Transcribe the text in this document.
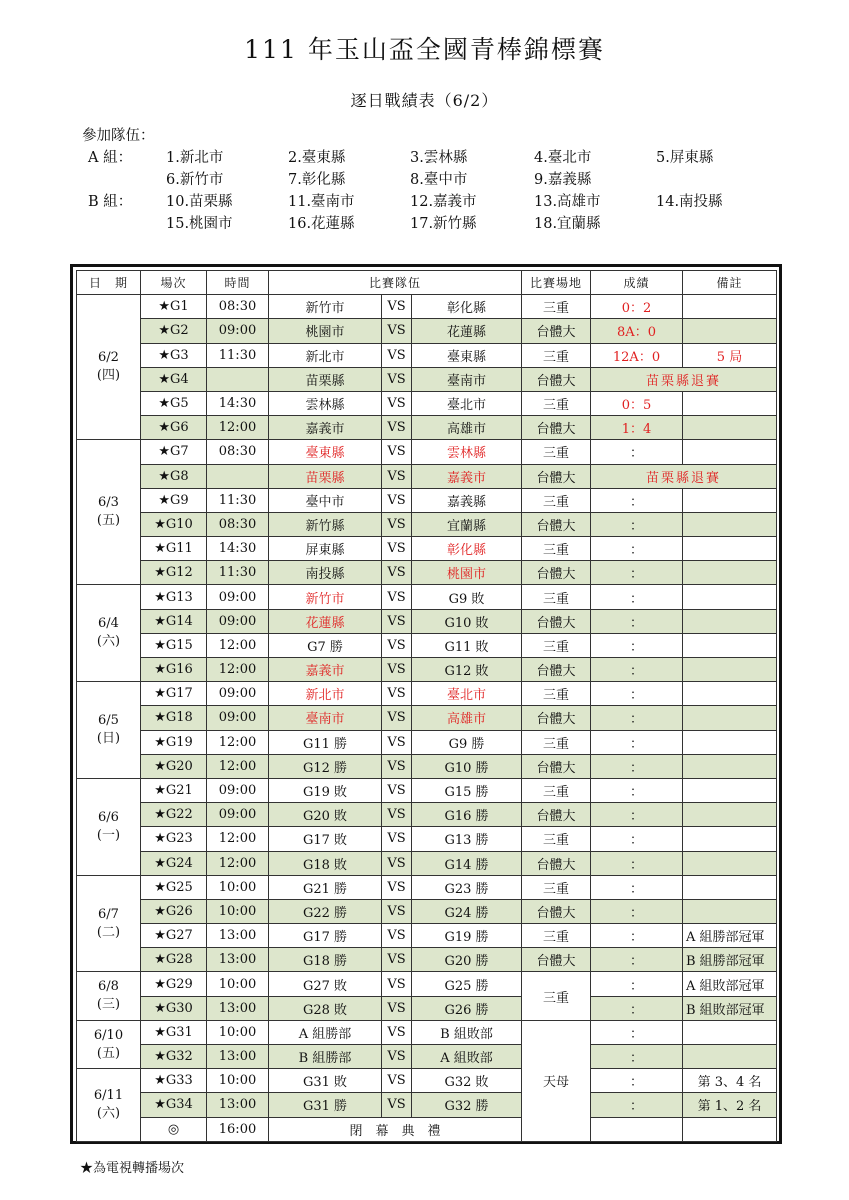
111 年玉山盃全國青棒錦標賽
逐日戰績表（6/2）
參加隊伍：
A 組： 1.新北市	2.臺東縣	3.雲林縣	4.臺北市	5.屏東縣
6.新竹市	7.彰化縣	8.臺中市	9.嘉義縣
B 組： 10.苗栗縣	11.臺南市	12.嘉義市	13.高雄市	14.南投縣
15.桃園市	16.花蓮縣	17.新竹縣	18.宜蘭縣
日　期	場次	時間	比賽隊伍			比賽場地	成績	備註

6/2
(四)	★G1	08:30	新竹市	VS	彰化縣	三重	0：2	
	★G2	09:00	桃園市	VS	花蓮縣	台體大	8A：0	
	★G3	11:30	新北市	VS	臺東縣	三重	12A：0	5 局
	★G4		苗栗縣	VS	臺南市	台體大	苗栗縣退賽	
	★G5	14:30	雲林縣	VS	臺北市	三重	0：5	
	★G6	12:00	嘉義市	VS	高雄市	台體大	1：4	

6/3
(五)	★G7	08:30	臺東縣	VS	雲林縣	三重	：	
	★G8		苗栗縣	VS	嘉義市	台體大	苗栗縣退賽	
	★G9	11:30	臺中市	VS	嘉義縣	三重	：	
	★G10	08:30	新竹縣	VS	宜蘭縣	台體大	：	
	★G11	14:30	屏東縣	VS	彰化縣	三重	：	
	★G12	11:30	南投縣	VS	桃園市	台體大	：	

6/4
(六)	★G13	09:00	新竹市	VS	G9 敗	三重	：	
	★G14	09:00	花蓮縣	VS	G10 敗	台體大	：	
	★G15	12:00	G7 勝	VS	G11 敗	三重	：	
	★G16	12:00	嘉義市	VS	G12 敗	台體大	：	

6/5
(日)	★G17	09:00	新北市	VS	臺北市	三重	：	
	★G18	09:00	臺南市	VS	高雄市	台體大	：	
	★G19	12:00	G11 勝	VS	G9 勝	三重	：	
	★G20	12:00	G12 勝	VS	G10 勝	台體大	：	

6/6
(一)	★G21	09:00	G19 敗	VS	G15 勝	三重	：	
	★G22	09:00	G20 敗	VS	G16 勝	台體大	：	
	★G23	12:00	G17 敗	VS	G13 勝	三重	：	
	★G24	12:00	G18 敗	VS	G14 勝	台體大	：	

6/7
(二)	★G25	10:00	G21 勝	VS	G23 勝	三重	：	
	★G26	10:00	G22 勝	VS	G24 勝	台體大	：	
	★G27	13:00	G17 勝	VS	G19 勝	三重	：	A 組勝部冠軍
	★G28	13:00	G18 勝	VS	G20 勝	台體大	：	B 組勝部冠軍

6/8
(三)	★G29	10:00	G27 敗	VS	G25 勝	三重	：	A 組敗部冠軍
	★G30	13:00	G28 敗	VS	G26 勝		：	B 組敗部冠軍

6/10
(五)	★G31	10:00	A 組勝部	VS	B 組敗部	天母	：	
	★G32	13:00	B 組勝部	VS	A 組敗部		：	

6/11
(六)	★G33	10:00	G31 敗	VS	G32 敗		：	第 3、4 名
	★G34	13:00	G31 勝	VS	G32 勝		：	第 1、2 名
	◎	16:00	閉　幕　典　禮					
★為電視轉播場次
